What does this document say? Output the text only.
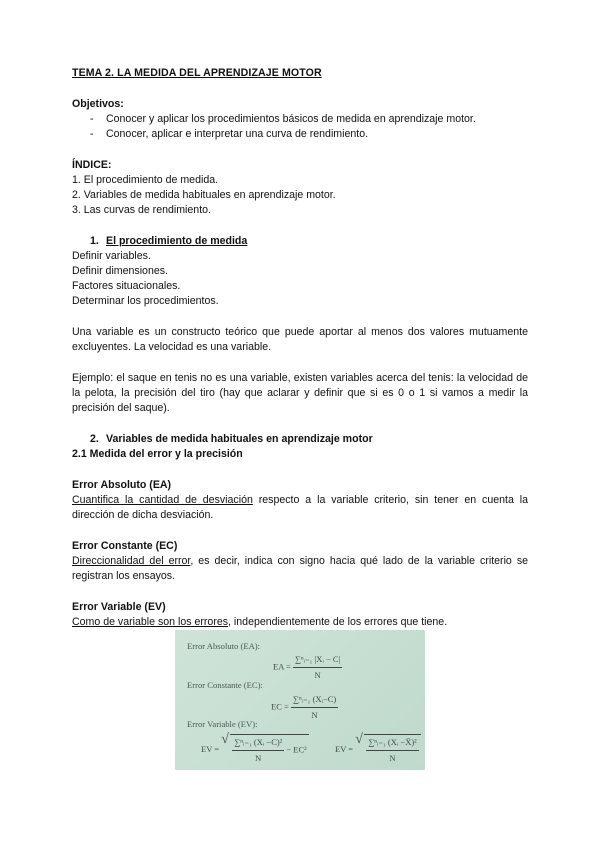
TEMA 2. LA MEDIDA DEL APRENDIZAJE MOTOR

Objetivos:

- Conocer y aplicar los procedimientos básicos de medida en aprendizaje motor.
- Conocer, aplicar e interpretar una curva de rendimiento.

ÍNDICE:

1. El procedimiento de medida.

2. Variables de medida habituales en aprendizaje motor.

3. Las curvas de rendimiento.

1. El procedimiento de medida

Definir variables.

Definir dimensiones.

Factores situacionales.

Determinar los procedimientos.

Una variable es un constructo teórico que puede aportar al menos dos valores mutuamente excluyentes. La velocidad es una variable.

Ejemplo: el saque en tenis no es una variable, existen variables acerca del tenis: la velocidad de la pelota, la precisión del tiro (hay que aclarar y definir que si es 0 o 1 si vamos a medir la precisión del saque).

2. Variables de medida habituales en aprendizaje motor

2.1 Medida del error y la precisión

Error Absoluto (EA)

Cuantifica la cantidad de desviación respecto a la variable criterio, sin tener en cuenta la dirección de dicha desviación.

Error Constante (EC)

Direccionalidad del error, es decir, indica con signo hacia qué lado de la variable criterio se registran los ensayos.

Error Variable (EV)

Como de variable son los errores, independientemente de los errores que tiene.

Error Absoluto (EA):
EA = $\frac{\text{∑ⁿᵢ₌₁ |Xᵢ − C|}}{N}$
Error Constante (EC):
EC = $\frac{\text{∑ⁿᵢ₌₁ (Xᵢ−C)}}{N}$
Error Variable (EV):
EV = √ $\frac{\text{∑ⁿᵢ₌₁ (Xᵢ −C)²}}{N} - EC^2$	EV = √ $\frac{\text{∑ⁿᵢ₌₁ (Xᵢ −X̄)²}}{N}$
